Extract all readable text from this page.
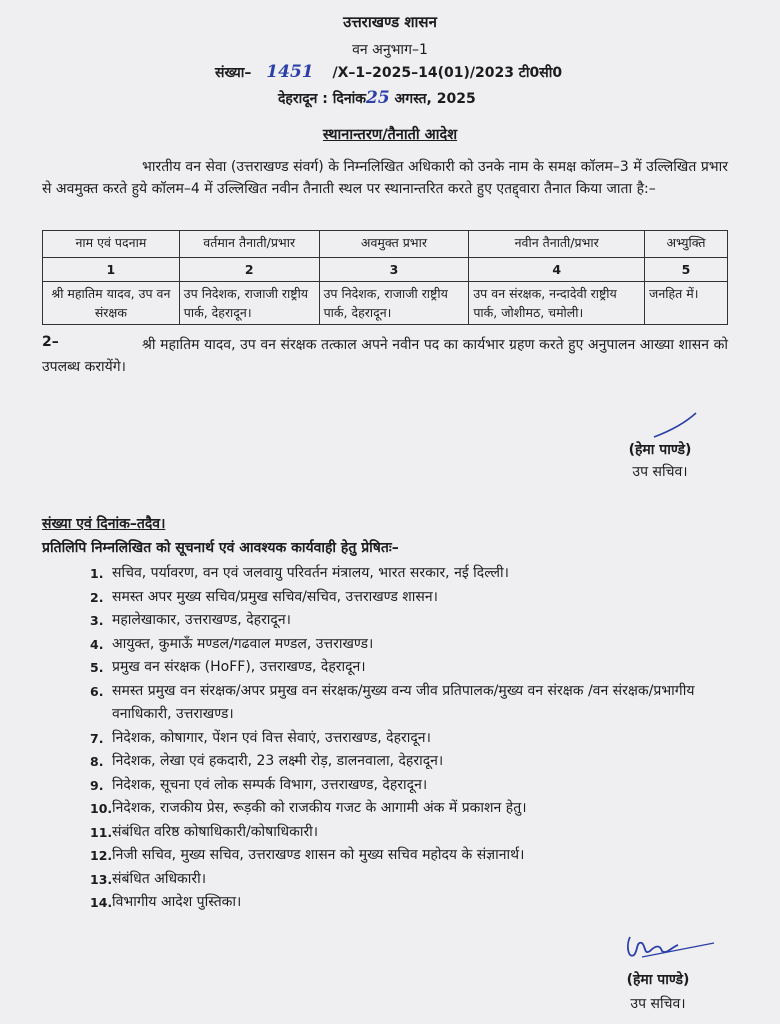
उत्तराखण्ड शासन
वन अनुभाग–1
संख्या– 1451 /X–1–2025–14(01)/2023 टी0सी0
देहरादून : दिनांक25 अगस्त, 2025
स्थानान्तरण/तैनाती आदेश
भारतीय वन सेवा (उत्तराखण्ड संवर्ग) के निम्नलिखित अधिकारी को उनके नाम के समक्ष कॉलम–3 में उल्लिखित प्रभार से अवमुक्त करते हुये कॉलम–4 में उल्लिखित नवीन तैनाती स्थल पर स्थानान्तरित करते हुए एतद्द्वारा तैनात किया जाता है:–
नाम एवं पदनाम	वर्तमान तैनाती/प्रभार	अवमुक्त प्रभार	नवीन तैनाती/प्रभार	अभ्युक्ति
1	2	3	4	5
श्री महातिम यादव, उप वन संरक्षक	उप निदेशक, राजाजी राष्ट्रीय पार्क, देहरादून।	उप निदेशक, राजाजी राष्ट्रीय पार्क, देहरादून।	उप वन संरक्षक, नन्दादेवी राष्ट्रीय पार्क, जोशीमठ, चमोली।	जनहित में।
2–	श्री महातिम यादव, उप वन संरक्षक तत्काल अपने नवीन पद का कार्यभार ग्रहण करते हुए अनुपालन आख्या शासन को उपलब्ध करायेंगे।
(हेमा पाण्डे)
उप सचिव।
संख्या एवं दिनांक–तदैव।
प्रतिलिपि निम्नलिखित को सूचनार्थ एवं आवश्यक कार्यवाही हेतु प्रेषितः–
1. सचिव, पर्यावरण, वन एवं जलवायु परिवर्तन मंत्रालय, भारत सरकार, नई दिल्ली।
2. समस्त अपर मुख्य सचिव/प्रमुख सचिव/सचिव, उत्तराखण्ड शासन।
3. महालेखाकार, उत्तराखण्ड, देहरादून।
4. आयुक्त, कुमाऊँ मण्डल/गढवाल मण्डल, उत्तराखण्ड।
5. प्रमुख वन संरक्षक (HoFF), उत्तराखण्ड, देहरादून।
6. समस्त प्रमुख वन संरक्षक/अपर प्रमुख वन संरक्षक/मुख्य वन्य जीव प्रतिपालक/मुख्य वन संरक्षक /वन संरक्षक/प्रभागीय वनाधिकारी, उत्तराखण्ड।
7. निदेशक, कोषागार, पेंशन एवं वित्त सेवाएं, उत्तराखण्ड, देहरादून।
8. निदेशक, लेखा एवं हकदारी, 23 लक्ष्मी रोड़, डालनवाला, देहरादून।
9. निदेशक, सूचना एवं लोक सम्पर्क विभाग, उत्तराखण्ड, देहरादून।
10. निदेशक, राजकीय प्रेस, रूड़की को राजकीय गजट के आगामी अंक में प्रकाशन हेतु।
11. संबंधित वरिष्ठ कोषाधिकारी/कोषाधिकारी।
12. निजी सचिव, मुख्य सचिव, उत्तराखण्ड शासन को मुख्य सचिव महोदय के संज्ञानार्थ।
13. संबंधित अधिकारी।
14. विभागीय आदेश पुस्तिका।
(हेमा पाण्डे)
उप सचिव।
